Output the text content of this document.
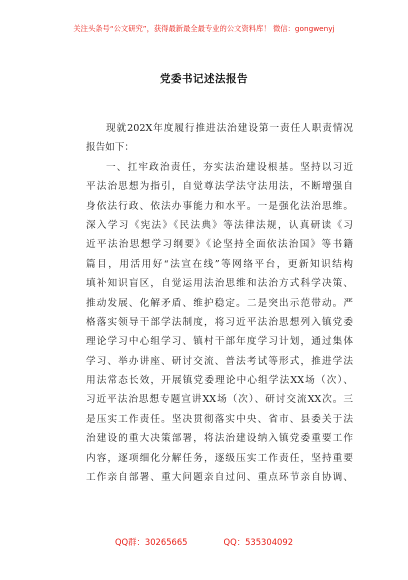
关注头条号“公文研究”，获得最新最全最专业的公文资料库！ 微信：gongwenyj
党委书记述法报告
现就202X年度履行推进法治建设第一责任人职责情况
报告如下：
一、扛牢政治责任，夯实法治建设根基。坚持以习近
平法治思想为指引，自觉尊法学法守法用法，不断增强自
身依法行政、依法办事能力和水平。一是强化法治思维。
深入学习《宪法》《民法典》等法律法规，认真研读《习
近平法治思想学习纲要》《论坚持全面依法治国》等书籍
篇目，用活用好“法宣在线”等网络平台，更新知识结构
填补知识盲区，自觉运用法治思维和法治方式科学决策、
推动发展、化解矛盾、维护稳定。二是突出示范带动。严
格落实领导干部学法制度，将习近平法治思想列入镇党委
理论学习中心组学习、镇村干部年度学习计划，通过集体
学习、举办讲座、研讨交流、普法考试等形式，推进学法
用法常态长效，开展镇党委理论中心组学法XX场（次）、
习近平法治思想专题宣讲XX场（次）、研讨交流XX次。三
是压实工作责任。坚决贯彻落实中央、省市、县委关于法
治建设的重大决策部署，将法治建设纳入镇党委重要工作
内容，逐项细化分解任务，逐级压实工作责任，坚持重要
工作亲自部署、重大问题亲自过问、重点环节亲自协调、
QQ群：30265665	QQ：535304092
